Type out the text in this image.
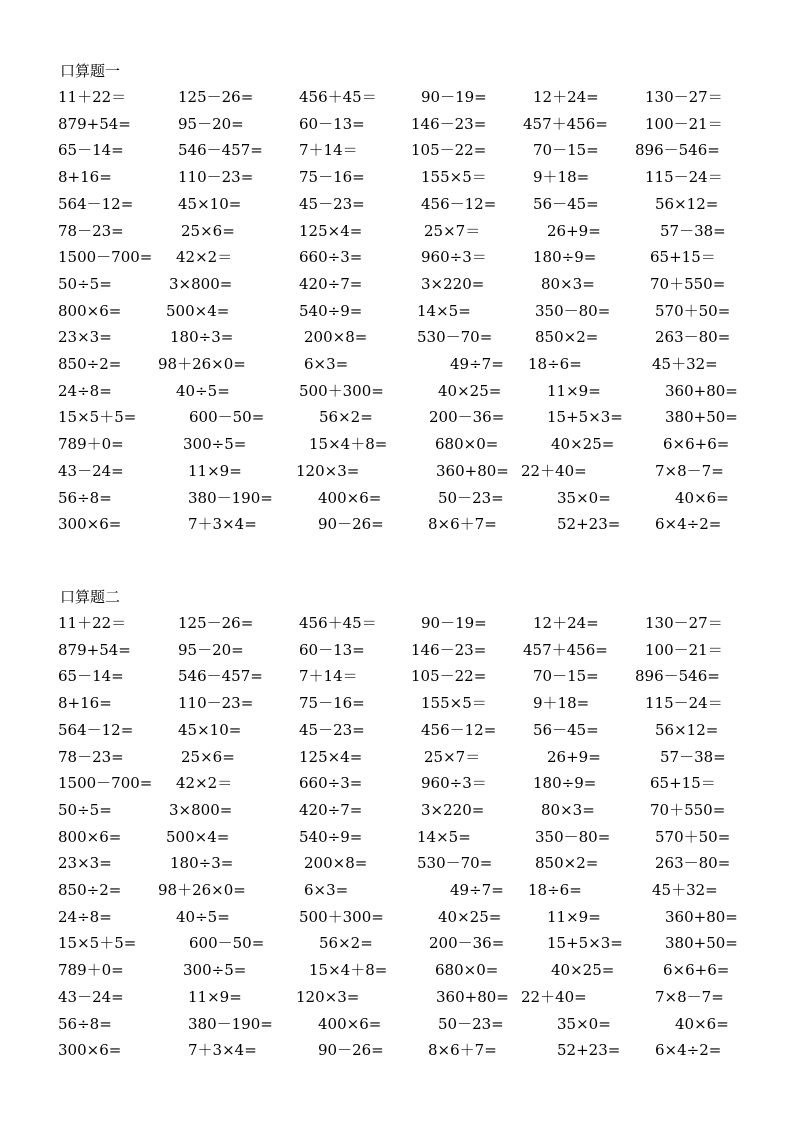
口算题一
11＋22＝	125－26=	456＋45＝	90－19=	12＋24=	130－27＝
879+54=	95－20=	60－13=	146－23= 457＋456= 100－21＝
65－14=	546－457= 7＋14＝	105－22=	70－15= 896－546=
8+16=	110－23=	75－16=	155×5＝	9＋18=	115－24＝
564－12=	45×10=	45－23=	456－12= 56－45=	56×12=
78－23=	25×6=	125×4=	25×7＝	26+9=	57－38=
1500－700= 42×2＝	660÷3=	960÷3＝	180÷9=	65+15＝
50÷5=	3×800=	420÷7=	3×220=	80×3=	70＋550=
800×6=	500×4=	540÷9=	14×5=	350－80=	570＋50=
23×3=	180÷3=	200×8=	530－70=	850×2=	263－80=
850÷2= 98＋26×0=	6×3=	49÷7= 18÷6=	45＋32=
24÷8=	40÷5=	500＋300=	40×25=	11×9=	360+80=
15×5＋5=	600－50=	56×2=	200－36=	15+5×3=	380+50=
789＋0=	300÷5=	15×4＋8=	680×0=	40×25=	6×6+6=
43－24=	11×9=	120×3=	360+80= 22＋40=	7×8－7=
56÷8=	380－190=	400×6=	50－23=	35×0=	40×6=
300×6=	7＋3×4=	90－26=	8×6＋7=	52+23= 6×4÷2=
口算题二
11＋22＝	125－26=	456＋45＝	90－19=	12＋24=	130－27＝
879+54=	95－20=	60－13=	146－23= 457＋456= 100－21＝
65－14=	546－457= 7＋14＝	105－22=	70－15= 896－546=
8+16=	110－23=	75－16=	155×5＝	9＋18=	115－24＝
564－12=	45×10=	45－23=	456－12= 56－45=	56×12=
78－23=	25×6=	125×4=	25×7＝	26+9=	57－38=
1500－700= 42×2＝	660÷3=	960÷3＝	180÷9=	65+15＝
50÷5=	3×800=	420÷7=	3×220=	80×3=	70＋550=
800×6=	500×4=	540÷9=	14×5=	350－80=	570＋50=
23×3=	180÷3=	200×8=	530－70=	850×2=	263－80=
850÷2= 98＋26×0=	6×3=	49÷7= 18÷6=	45＋32=
24÷8=	40÷5=	500＋300=	40×25=	11×9=	360+80=
15×5＋5=	600－50=	56×2=	200－36=	15+5×3=	380+50=
789＋0=	300÷5=	15×4＋8=	680×0=	40×25=	6×6+6=
43－24=	11×9=	120×3=	360+80= 22＋40=	7×8－7=
56÷8=	380－190=	400×6=	50－23=	35×0=	40×6=
300×6=	7＋3×4=	90－26=	8×6＋7=	52+23= 6×4÷2=
